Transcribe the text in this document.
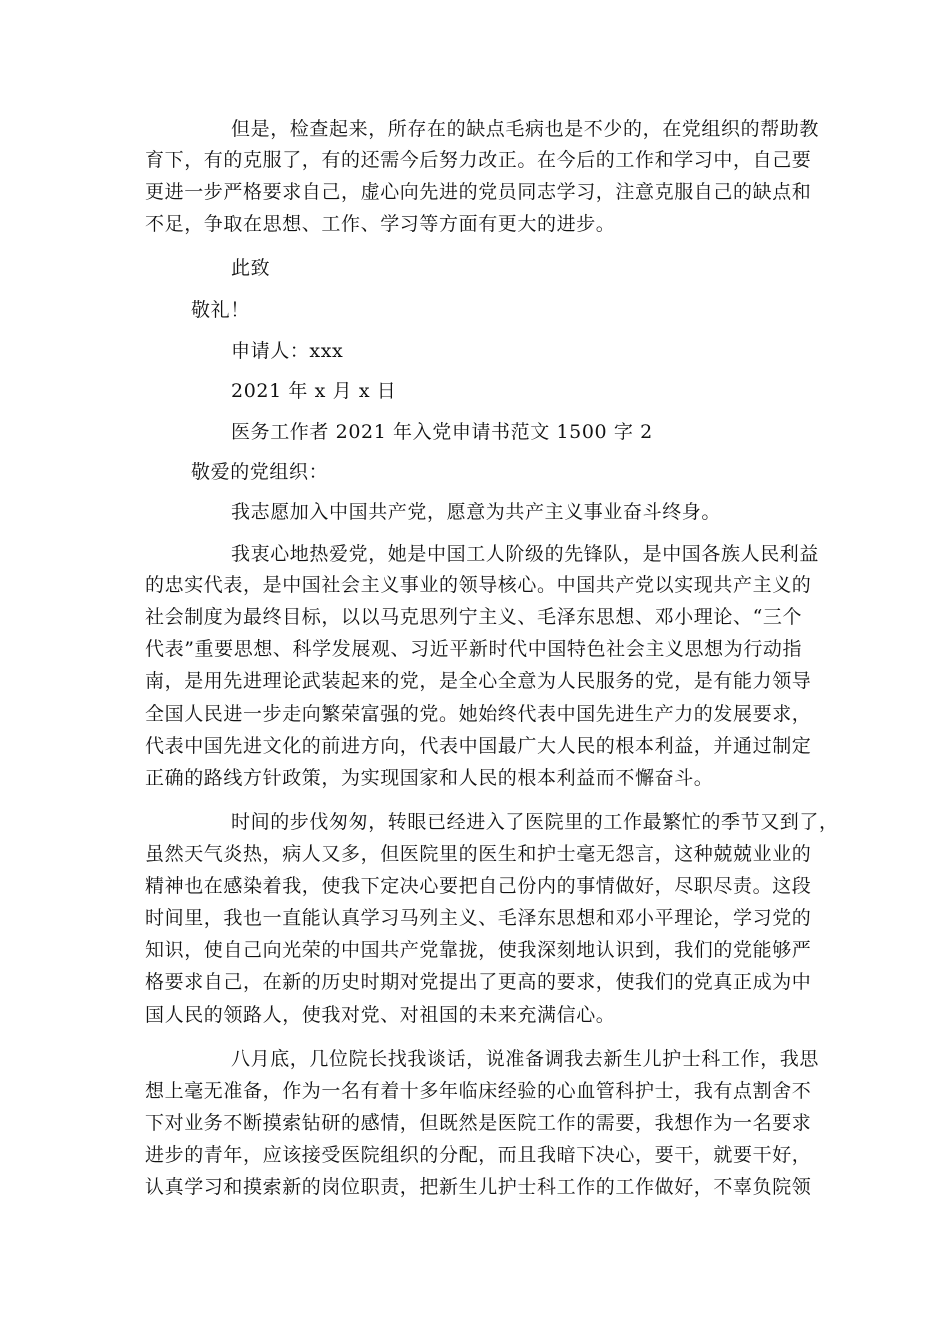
但是，检查起来，所存在的缺点毛病也是不少的，在党组织的帮助教
育下，有的克服了，有的还需今后努力改正。在今后的工作和学习中，自己要
更进一步严格要求自己，虚心向先进的党员同志学习，注意克服自己的缺点和
不足，争取在思想、工作、学习等方面有更大的进步。
此致
敬礼！
申请人：xxx
2021 年 x 月 x 日
医务工作者 2021 年入党申请书范文 1500 字 2
敬爱的党组织：
我志愿加入中国共产党，愿意为共产主义事业奋斗终身。
我衷心地热爱党，她是中国工人阶级的先锋队，是中国各族人民利益
的忠实代表，是中国社会主义事业的领导核心。中国共产党以实现共产主义的
社会制度为最终目标，以以马克思列宁主义、毛泽东思想、邓小理论、“三个
代表”重要思想、科学发展观、习近平新时代中国特色社会主义思想为行动指
南，是用先进理论武装起来的党，是全心全意为人民服务的党，是有能力领导
全国人民进一步走向繁荣富强的党。她始终代表中国先进生产力的发展要求，
代表中国先进文化的前进方向，代表中国最广大人民的根本利益，并通过制定
正确的路线方针政策，为实现国家和人民的根本利益而不懈奋斗。
时间的步伐匆匆，转眼已经进入了医院里的工作最繁忙的季节又到了，
虽然天气炎热，病人又多，但医院里的医生和护士毫无怨言，这种兢兢业业的
精神也在感染着我，使我下定决心要把自己份内的事情做好，尽职尽责。这段
时间里，我也一直能认真学习马列主义、毛泽东思想和邓小平理论，学习党的
知识，使自己向光荣的中国共产党靠拢，使我深刻地认识到，我们的党能够严
格要求自己，在新的历史时期对党提出了更高的要求，使我们的党真正成为中
国人民的领路人，使我对党、对祖国的未来充满信心。
八月底，几位院长找我谈话，说准备调我去新生儿护士科工作，我思
想上毫无准备，作为一名有着十多年临床经验的心血管科护士，我有点割舍不
下对业务不断摸索钻研的感情，但既然是医院工作的需要，我想作为一名要求
进步的青年，应该接受医院组织的分配，而且我暗下决心，要干，就要干好，
认真学习和摸索新的岗位职责，把新生儿护士科工作的工作做好，不辜负院领
